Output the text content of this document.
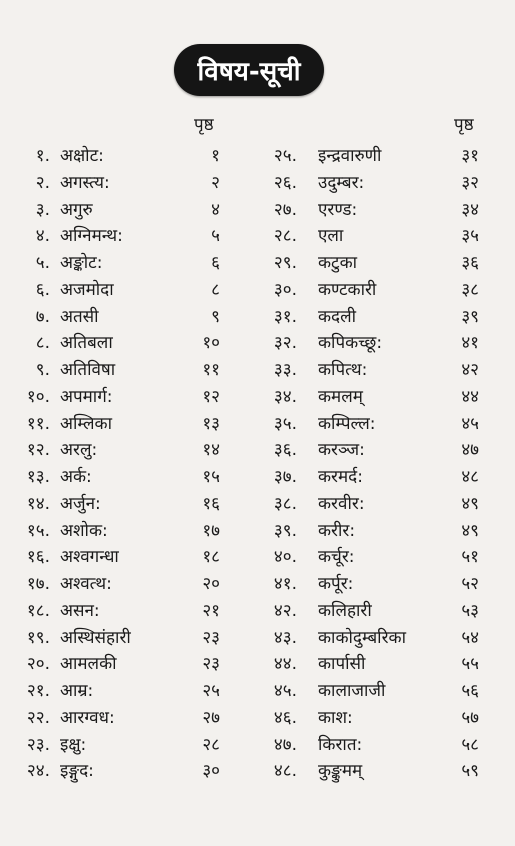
विषय-सूची
पृष्ठ	पृष्ठ
१. अक्षोट:	१	२५. इन्द्रवारुणी	३१
२. अगस्त्य:	२	२६. उदुम्बर:	३२
३. अगुरु	४	२७. एरण्ड:	३४
४. अग्निमन्थ:	५	२८. एला	३५
५. अङ्कोट:	६	२९. कटुका	३६
६. अजमोदा	८	३०. कण्टकारी	३८
७. अतसी	९	३१. कदली	३९
८. अतिबला	१०	३२. कपिकच्छू:	४१
९. अतिविषा	११	३३. कपित्थ:	४२
१०. अपमार्ग:	१२	३४. कमलम्	४४
११. अम्लिका	१३	३५. कम्पिल्ल:	४५
१२. अरलु:	१४	३६. करञ्ज:	४७
१३. अर्क:	१५	३७. करमर्द:	४८
१४. अर्जुन:	१६	३८. करवीर:	४९
१५. अशोक:	१७	३९. करीर:	४९
१६. अश्वगन्धा	१८	४०. कर्चूर:	५१
१७. अश्वत्थ:	२०	४१. कर्पूर:	५२
१८. असन:	२१	४२. कलिहारी	५३
१९. अस्थिसंहारी	२३	४३. काकोदुम्बरिका	५४
२०. आमलकी	२३	४४. कार्पासी	५५
२१. आम्र:	२५	४५. कालाजाजी	५६
२२. आरग्वध:	२७	४६. काश:	५७
२३. इक्षु:	२८	४७. किरात:	५८
२४. इङ्गुद:	३०	४८. कुङ्कुमम्	५९
